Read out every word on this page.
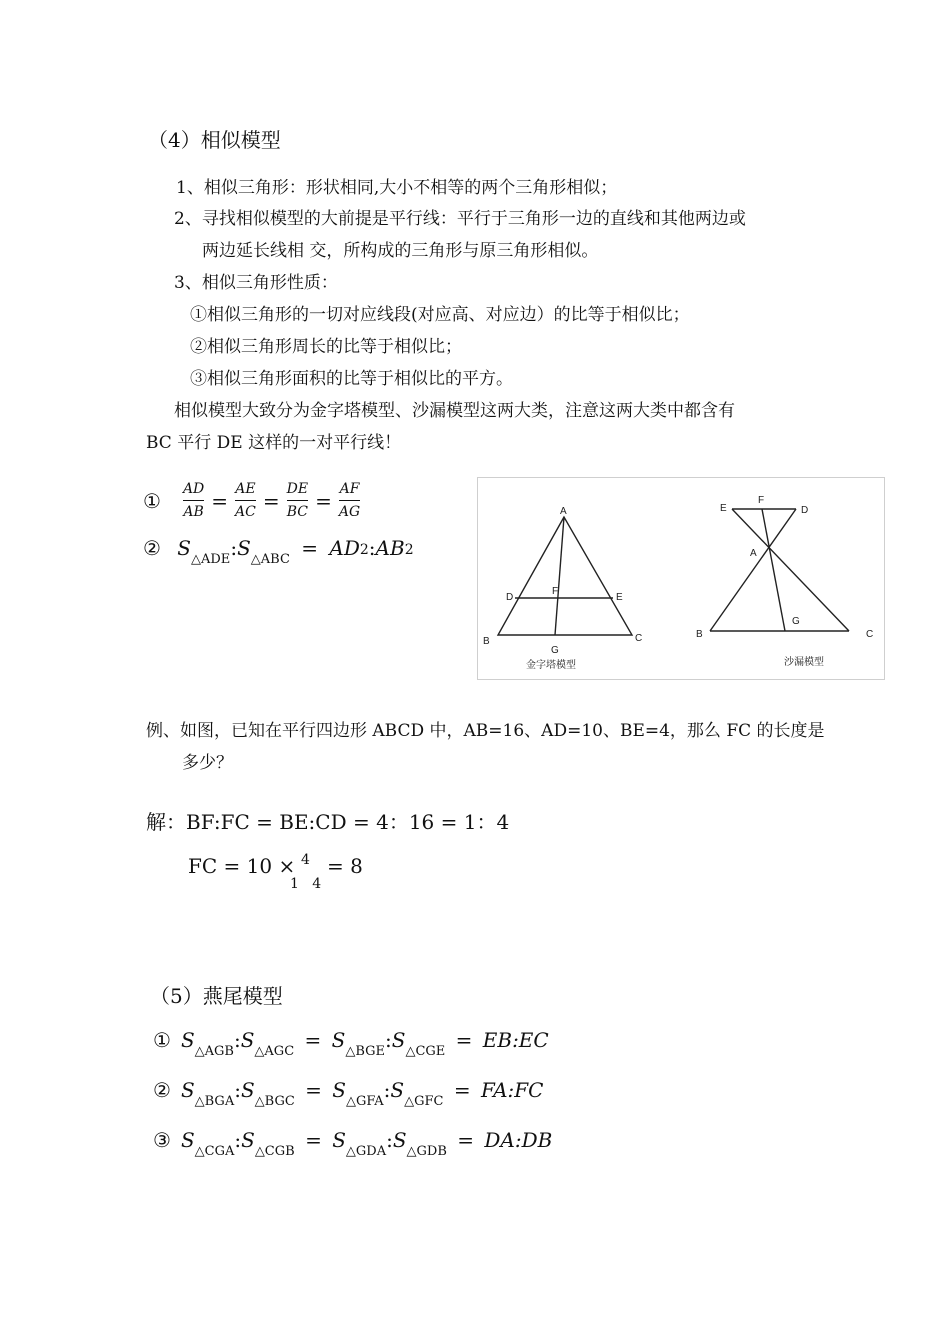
（4）相似模型
1、相似三角形：形状相同,大小不相等的两个三角形相似；
2、寻找相似模型的大前提是平行线：平行于三角形一边的直线和其他两边或
两边延长线相 交，所构成的三角形与原三角形相似。
3、相似三角形性质：
①相似三角形的一切对应线段(对应高、对应边）的比等于相似比；
②相似三角形周长的比等于相似比；
③相似三角形面积的比等于相似比的平方。
相似模型大致分为金字塔模型、沙漏模型这两大类，注意这两大类中都含有
BC 平行 DE 这样的一对平行线！
① $\frac{AD}{AB} = \frac{AE}{AC} = \frac{DE}{BC} = \frac{AF}{AG}$
② $S_{\triangle ADE}:S_{\triangle ABC}$ = AD2:AB2
A
D
F
E
B
G
C
金字塔模型
E
F
D
A
B
G
C
沙漏模型
例、如图，已知在平行四边形 ABCD 中，AB=16、AD=10、BE=4，那么 FC 的长度是
多少？
解：BF:FC = BE:CD = 4：16 = 1：4
FC = 10 × 4
1   4
= 8
（5）燕尾模型
① $S_{\triangle AGB}:S_{\triangle AGC}$ = $S_{\triangle BGE}:S_{\triangle CGE}$ = EB:EC
② $S_{\triangle BGA}:S_{\triangle BGC}$ = $S_{\triangle GFA}:S_{\triangle GFC}$ = FA:FC
③ $S_{\triangle CGA}:S_{\triangle CGB}$ = $S_{\triangle GDA}:S_{\triangle GDB}$ = DA:DB
